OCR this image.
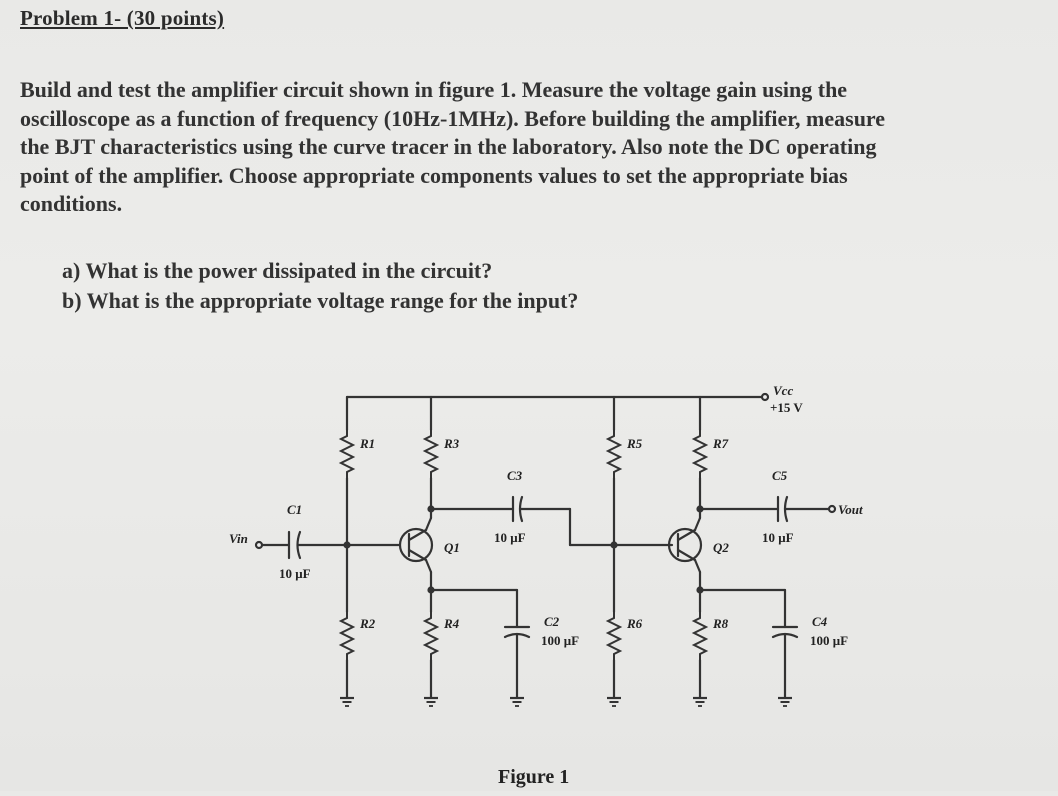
Problem 1- (30 points)
Build and test the amplifier circuit shown in figure 1. Measure the voltage gain using the
oscilloscope as a function of frequency (10Hz-1MHz). Before building the amplifier, measure
the BJT characteristics using the curve tracer in the laboratory. Also note the DC operating
point of the amplifier. Choose appropriate components values to set the appropriate bias
conditions.
a) What is the power dissipated in the circuit?
b) What is the appropriate voltage range for the input?
Vcc
+15 V
Vin
Vout
R1
R2
R3
R4
R5
R6
R7
R8
Q1	Q2
C1
C3	C5
C2	C4
10 μF
10 μF	10 μF
100 μF	100 μF
Figure 1
